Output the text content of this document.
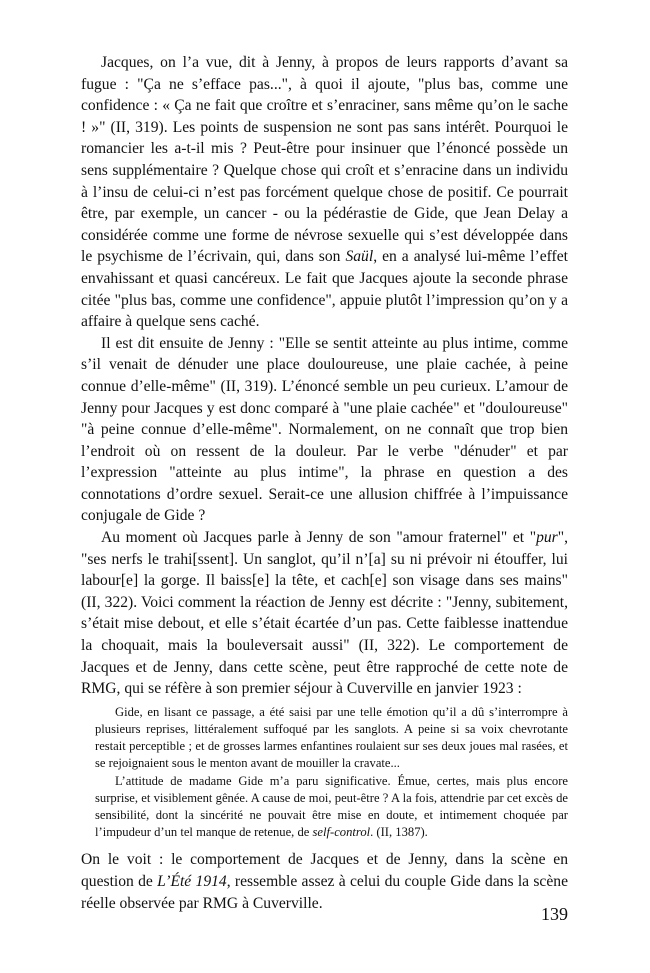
Jacques, on l’a vue, dit à Jenny, à propos de leurs rapports d’avant sa fugue : "Ça ne s’efface pas...", à quoi il ajoute, "plus bas, comme une confidence : « Ça ne fait que croître et s’enraciner, sans même qu’on le sache ! »" (II, 319). Les points de suspension ne sont pas sans intérêt. Pourquoi le romancier les a-t-il mis ? Peut-être pour insinuer que l’énoncé possède un sens supplémentaire ? Quelque chose qui croît et s’enracine dans un individu à l’insu de celui-ci n’est pas forcément quelque chose de positif. Ce pourrait être, par exemple, un cancer - ou la pédérastie de Gide, que Jean Delay a considérée comme une forme de névrose sexuelle qui s’est développée dans le psychisme de l’écrivain, qui, dans son Saül, en a analysé lui-même l’effet envahissant et quasi cancéreux. Le fait que Jacques ajoute la seconde phrase citée "plus bas, comme une confidence", appuie plutôt l’impression qu’on y a affaire à quelque sens caché.

Il est dit ensuite de Jenny : "Elle se sentit atteinte au plus intime, comme s’il venait de dénuder une place douloureuse, une plaie cachée, à peine connue d’elle-même" (II, 319). L’énoncé semble un peu curieux. L’amour de Jenny pour Jacques y est donc comparé à "une plaie cachée" et "douloureuse" "à peine connue d’elle-même". Normalement, on ne connaît que trop bien l’endroit où on ressent de la douleur. Par le verbe "dénuder" et par l’expression "atteinte au plus intime", la phrase en question a des connotations d’ordre sexuel. Serait-ce une allusion chiffrée à l’impuissance conjugale de Gide ?

Au moment où Jacques parle à Jenny de son "amour fraternel" et "pur", "ses nerfs le trahi[ssent]. Un sanglot, qu’il n’[a] su ni prévoir ni étouffer, lui labour[e] la gorge. Il baiss[e] la tête, et cach[e] son visage dans ses mains" (II, 322). Voici comment la réaction de Jenny est décrite : "Jenny, subitement, s’était mise debout, et elle s’était écartée d’un pas. Cette faiblesse inattendue la choquait, mais la bouleversait aussi" (II, 322). Le comportement de Jacques et de Jenny, dans cette scène, peut être rapproché de cette note de RMG, qui se réfère à son premier séjour à Cuverville en janvier 1923 :

Gide, en lisant ce passage, a été saisi par une telle émotion qu’il a dû s’interrompre à plusieurs reprises, littéralement suffoqué par les sanglots. A peine si sa voix chevrotante restait perceptible ; et de grosses larmes enfantines roulaient sur ses deux joues mal rasées, et se rejoignaient sous le menton avant de mouiller la cravate...

L’attitude de madame Gide m’a paru significative. Émue, certes, mais plus encore surprise, et visiblement gênée. A cause de moi, peut-être ? A la fois, attendrie par cet excès de sensibilité, dont la sincérité ne pouvait être mise en doute, et intimement choquée par l’impudeur d’un tel manque de retenue, de self-control. (II, 1387).

On le voit : le comportement de Jacques et de Jenny, dans la scène en question de L’Été 1914, ressemble assez à celui du couple Gide dans la scène réelle observée par RMG à Cuverville.

139
